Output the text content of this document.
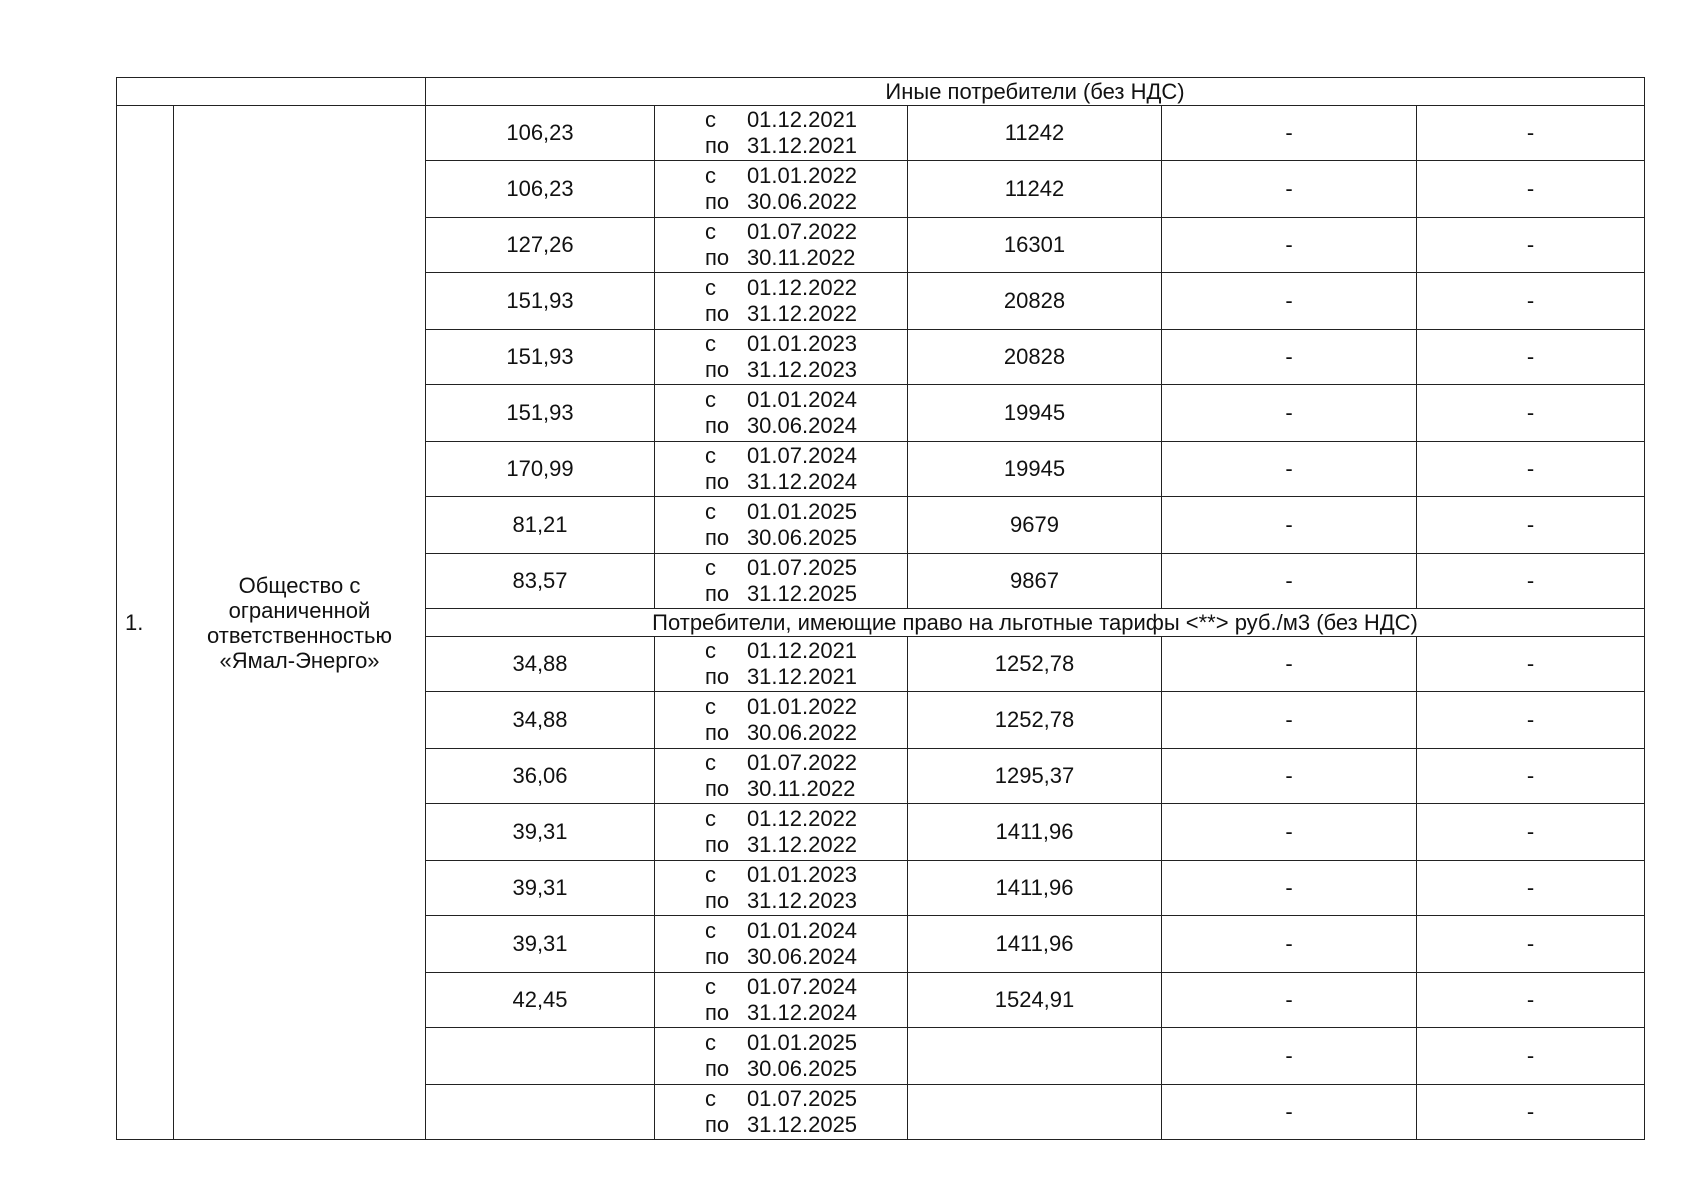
		Иные потребители (без НДС)				
1.	Общество с ограниченной ответственностью «Ямал-Энерго»	106,23	с 01.12.2021
по 31.12.2021	11242	-	-
		106,23	с 01.01.2022
по 30.06.2022	11242	-	-
		127,26	с 01.07.2022
по 30.11.2022	16301	-	-
		151,93	с 01.12.2022
по 31.12.2022	20828	-	-
		151,93	с 01.01.2023
по 31.12.2023	20828	-	-
		151,93	с 01.01.2024
по 30.06.2024	19945	-	-
		170,99	с 01.07.2024
по 31.12.2024	19945	-	-
		81,21	с 01.01.2025
по 30.06.2025	9679	-	-
		83,57	с 01.07.2025
по 31.12.2025	9867	-	-
		Потребители, имеющие право на льготные тарифы <**> руб./м3 (без НДС)				
		34,88	с 01.12.2021
по 31.12.2021	1252,78	-	-
		34,88	с 01.01.2022
по 30.06.2022	1252,78	-	-
		36,06	с 01.07.2022
по 30.11.2022	1295,37	-	-
		39,31	с 01.12.2022
по 31.12.2022	1411,96	-	-
		39,31	с 01.01.2023
по 31.12.2023	1411,96	-	-
		39,31	с 01.01.2024
по 30.06.2024	1411,96	-	-
		42,45	с 01.07.2024
по 31.12.2024	1524,91	-	-
			с 01.01.2025
по 30.06.2025		-	-
			с 01.07.2025
по 31.12.2025		-	-
